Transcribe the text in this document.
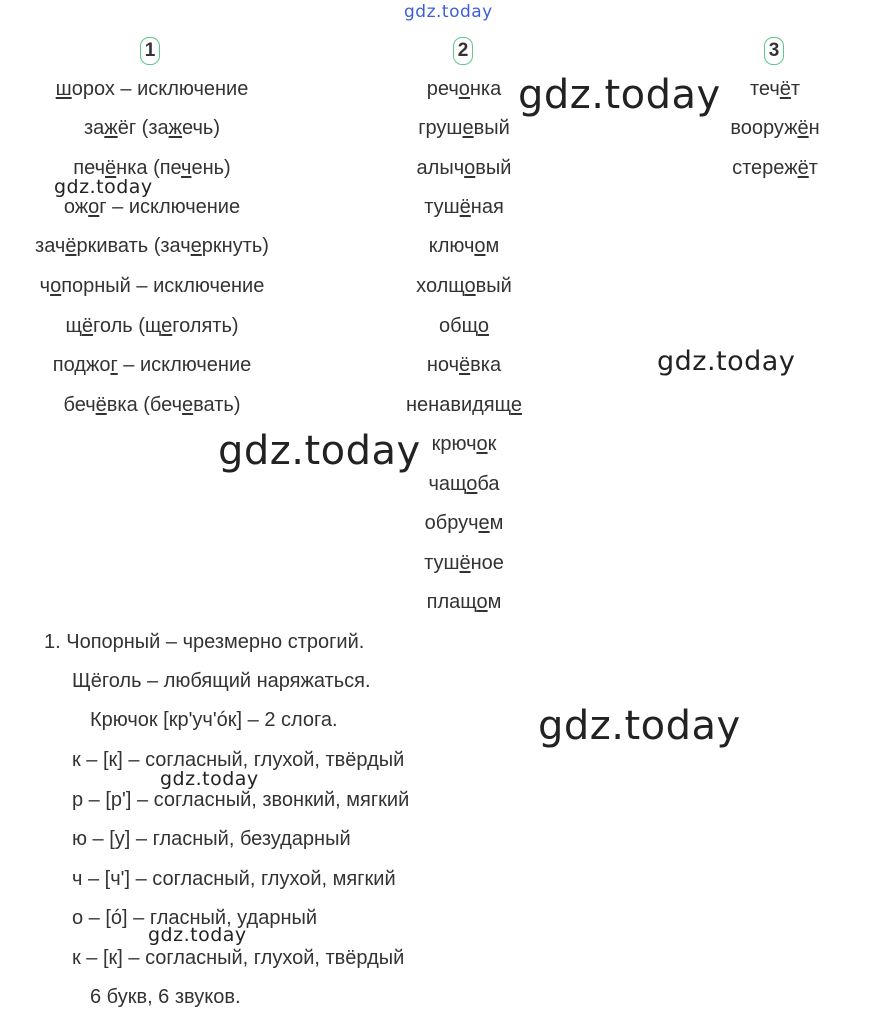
gdz.today
1	2	3
шорох – исключение
зажёг (зажечь)
печёнка (печень)
ожог – исключение
зачёркивать (зачеркнуть)
чопорный – исключение
щёголь (щеголять)
поджог – исключение
бечёвка (бечевать)
речонка
грушевый
алычовый
тушёная
ключом
холщовый
общо
ночёвка
ненавидяще
крючок
чащоба
обручем
тушёное
плащом
течёт
вооружён
стережёт
1. Чопорный – чрезмерно строгий.
Щёголь – любящий наряжаться.
Крючок [кр'уч'óк] – 2 слога.
к – [к] – согласный, глухой, твёрдый
р – [р'] – согласный, звонкий, мягкий
ю – [у] – гласный, безударный
ч – [ч'] – согласный, глухой, мягкий
о – [ó] – гласный, ударный
к – [к] – согласный, глухой, твёрдый
6 букв, 6 звуков.
gdz.today
gdz.today
gdz.today
gdz.today
gdz.today
gdz.today
gdz.today
